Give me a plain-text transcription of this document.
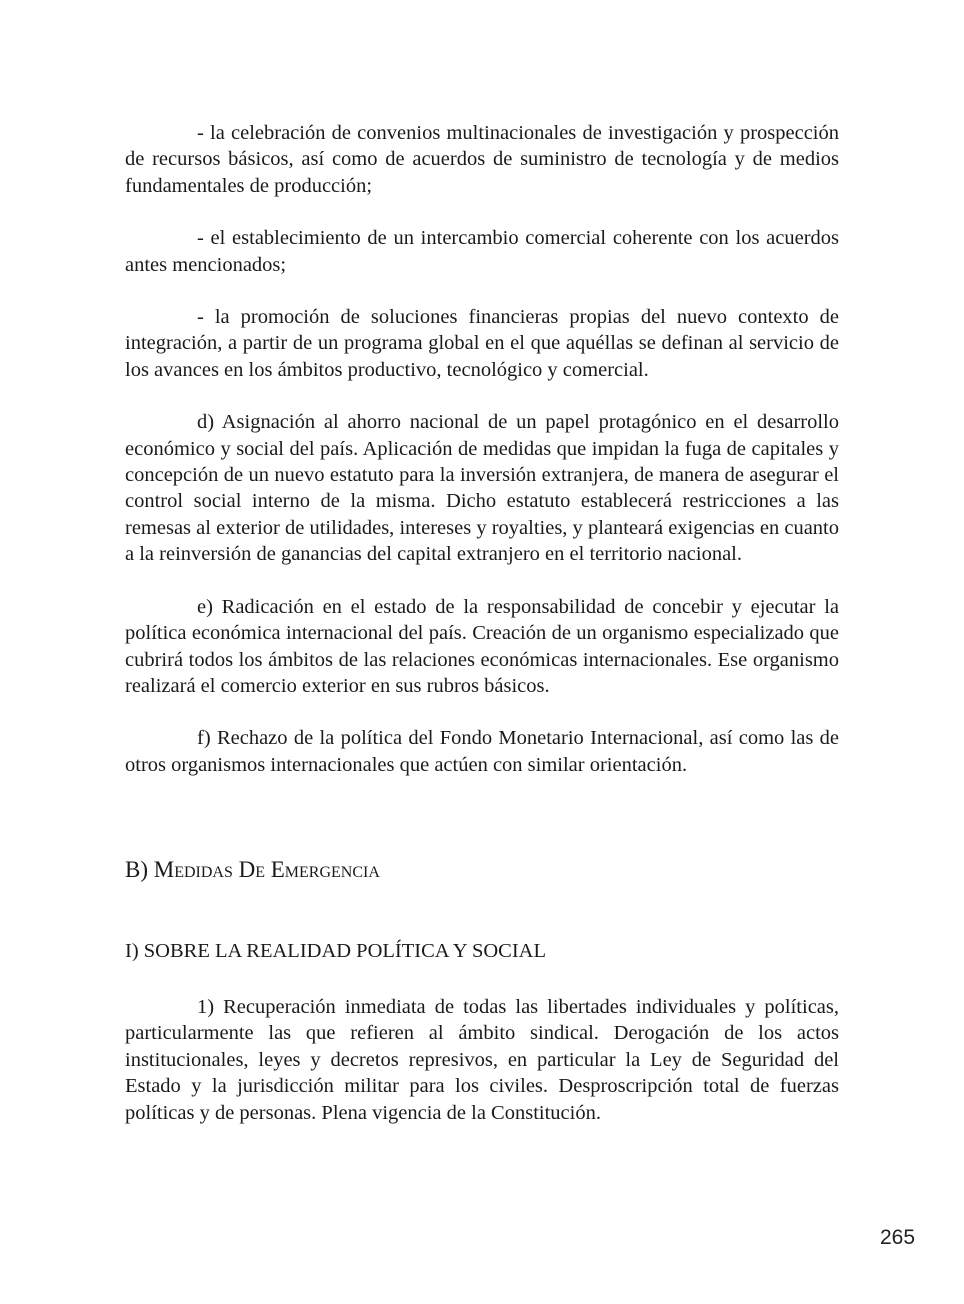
- la celebración de convenios multinacionales de investigación y prospección de recursos básicos, así como de acuerdos de suministro de tecnología y de medios fundamentales de producción;

- el establecimiento de un intercambio comercial coherente con los acuerdos antes mencionados;

- la promoción de soluciones financieras propias del nuevo contexto de integración, a partir de un programa global en el que aquéllas se definan al servicio de los avances en los ámbitos productivo, tecnológico y comercial.

d) Asignación al ahorro nacional de un papel protagónico en el desarrollo económico y social del país. Aplicación de medidas que impidan la fuga de capitales y concepción de un nuevo estatuto para la inversión extranjera, de manera de asegurar el control social interno de la misma. Dicho estatuto establecerá restricciones a las remesas al exterior de utilidades, intereses y royalties, y planteará exigencias en cuanto a la reinversión de ganancias del capital extranjero en el territorio nacional.

e) Radicación en el estado de la responsabilidad de concebir y ejecutar la política económica internacional del país. Creación de un organismo especializado que cubrirá todos los ámbitos de las relaciones económicas internacionales. Ese organismo realizará el comercio exterior en sus rubros básicos.

f) Rechazo de la política del Fondo Monetario Internacional, así como las de otros organismos internacionales que actúen con similar orientación.

B) Medidas De Emergencia
I) SOBRE LA REALIDAD POLÍTICA Y SOCIAL

1) Recuperación inmediata de todas las libertades individuales y políticas, particularmente las que refieren al ámbito sindical. Derogación de los actos institucionales, leyes y decretos represivos, en particular la Ley de Seguridad del Estado y la jurisdicción militar para los civiles. Desproscripción total de fuerzas políticas y de personas. Plena vigencia de la Constitución.

265
